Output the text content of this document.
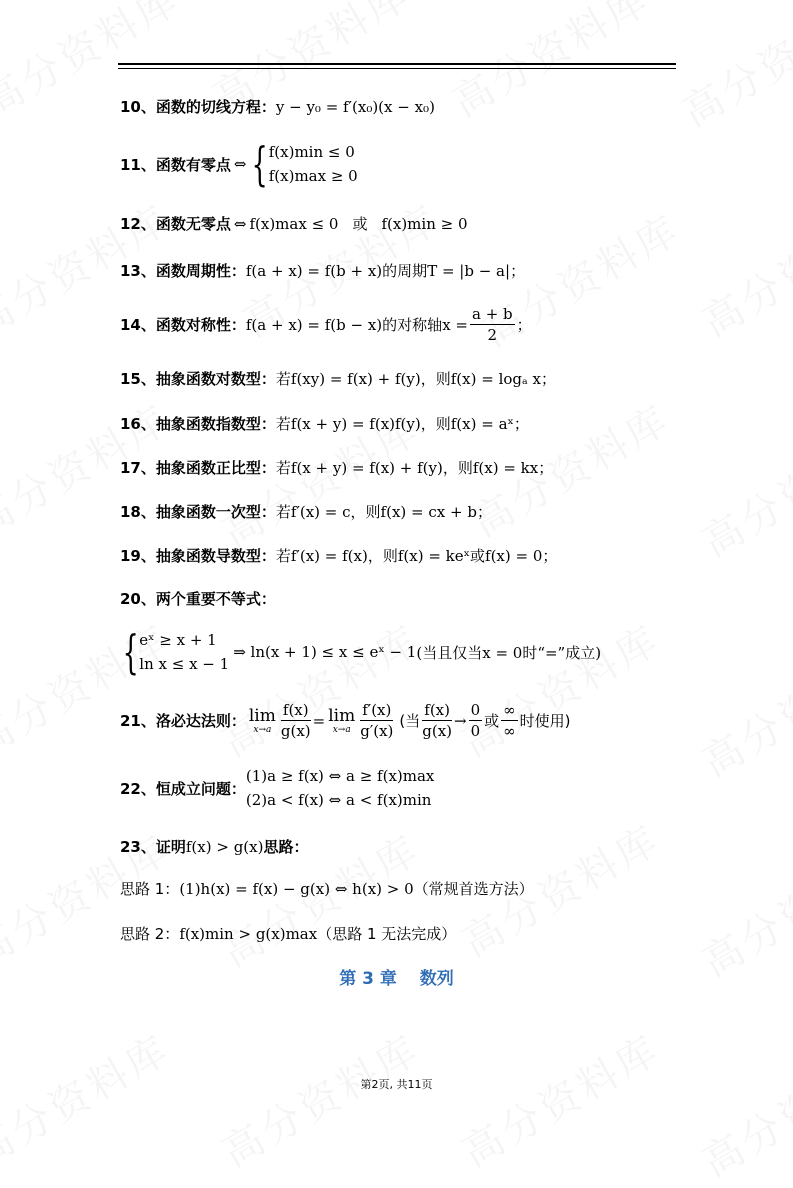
10、函数的切线方程： y − y₀ = f′(x₀)(x − x₀)
11、函数有零点 ⇔ { f(x)min ≤ 0
f(x)max ≥ 0
12、函数无零点 ⇔ f(x)max ≤ 0 或 f(x)min ≥ 0
13、函数周期性： f(a + x) = f(b + x) 的周期 T = |b − a| ；
14、函数对称性： f(a + x) = f(b − x) 的对称轴 $x = \frac{a + b}{2}$ ；
15、抽象函数对数型： 若 f(xy) = f(x) + f(y) ，则 f(x) = logₐ x ；
16、抽象函数指数型： 若 f(x + y) = f(x)f(y) ，则 f(x) = aˣ ；
17、抽象函数正比型： 若 f(x + y) = f(x) + f(y) ，则 f(x) = kx ；
18、抽象函数一次型： 若 f′(x) = c ，则 f(x) = cx + b ；
19、抽象函数导数型： 若 f′(x) = f(x) ，则 f(x) = keˣ 或 f(x) = 0 ；
20、两个重要不等式：
{ eˣ ≥ x + 1
ln x ≤ x − 1
⇒ ln(x + 1) ≤ x ≤ eˣ − 1 (当且仅当x = 0时“=”成立)
21、洛必达法则： lim
$x\to a \frac{f(x)}{g(x)} = \lim$
$x\to a \frac{f'(x)}{g'(x)}$ (当 $\frac{f(x)}{g(x)} \to \frac{0}{0}$ 或 $\frac{\infty}{\infty}$ 时使用)
22、恒成立问题：
(1)a ≥ f(x) ⇔ a ≥ f(x)max
(2)a < f(x) ⇔ a < f(x)min
23、证明 f(x) > g(x) 思路：
思路 1： (1)h(x) = f(x) − g(x) ⇔ h(x) > 0 （常规首选方法）
思路 2： f(x)min > g(x)max （思路 1 无法完成）
第 3 章　 数列
第2页, 共11页
